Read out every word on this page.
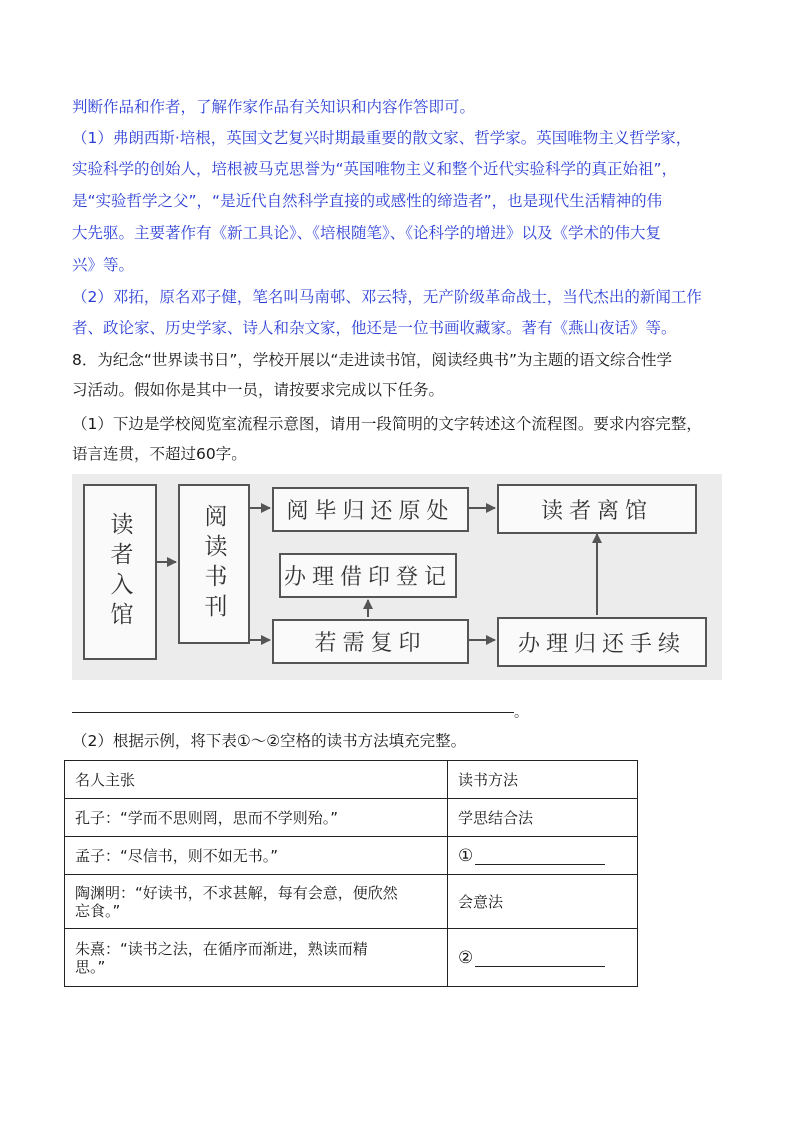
判断作品和作者，了解作家作品有关知识和内容作答即可。
（1）弗朗西斯·培根，英国文艺复兴时期最重要的散文家、哲学家。英国唯物主义哲学家，
实验科学的创始人，培根被马克思誉为“英国唯物主义和整个近代实验科学的真正始祖”，
是“实验哲学之父”，“是近代自然科学直接的或感性的缔造者”，也是现代生活精神的伟
大先驱。主要著作有《新工具论》、《培根随笔》、《论科学的增进》以及《学术的伟大复
兴》等。
（2）邓拓，原名邓子健，笔名叫马南邨、邓云特，无产阶级革命战士，当代杰出的新闻工作
者、政论家、历史学家、诗人和杂文家，他还是一位书画收藏家。著有《燕山夜话》等。
8．为纪念“世界读书日”，学校开展以“走进读书馆，阅读经典书”为主题的语文综合性学
习活动。假如你是其中一员，请按要求完成以下任务。
（1）下边是学校阅览室流程示意图，请用一段简明的文字转述这个流程图。要求内容完整，
语言连贯，不超过60字。
读者入馆	阅读书刊	阅毕归还原处	读者离馆
办理借印登记
若需复印	办理归还手续
。
（2）根据示例，将下表①～②空格的读书方法填充完整。
名人主张	读书方法
孔子：“学而不思则罔，思而不学则殆。”	学思结合法
孟子：“尽信书，则不如无书。”	①

陶渊明：“好读书，不求甚解，每有会意，便欣然
忘食。”	会意法

朱熹：“读书之法，在循序而渐进，熟读而精
思。”	②
